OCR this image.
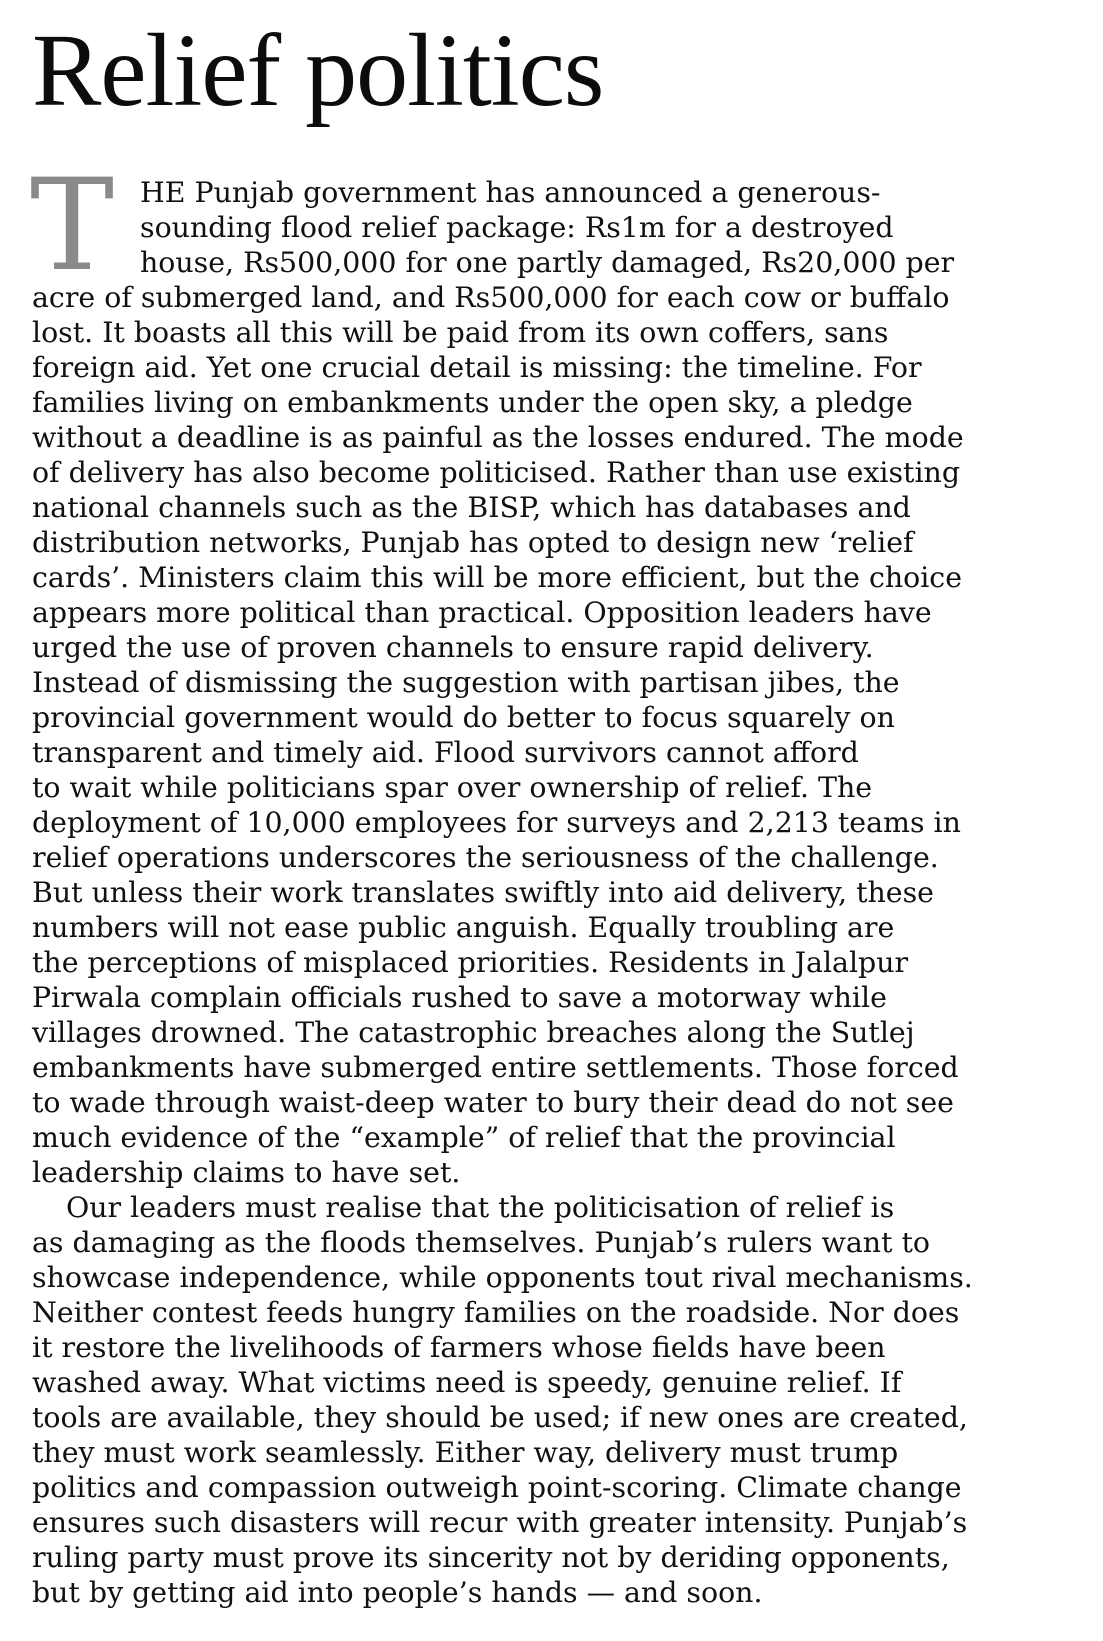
Relief politics
T HE Punjab government has announced a generous-
sounding flood relief package: Rs1m for a destroyed
house, Rs500,000 for one partly damaged, Rs20,000 per
acre of submerged land, and Rs500,000 for each cow or buffalo
lost. It boasts all this will be paid from its own coffers, sans
foreign aid. Yet one crucial detail is missing: the timeline. For
families living on embankments under the open sky, a pledge
without a deadline is as painful as the losses endured. The mode
of delivery has also become politicised. Rather than use existing
national channels such as the BISP, which has databases and
distribution networks, Punjab has opted to design new ‘relief
cards’. Ministers claim this will be more efficient, but the choice
appears more political than practical. Opposition leaders have
urged the use of proven channels to ensure rapid delivery.
Instead of dismissing the suggestion with partisan jibes, the
provincial government would do better to focus squarely on
transparent and timely aid. Flood survivors cannot afford
to wait while politicians spar over ownership of relief. The
deployment of 10,000 employees for surveys and 2,213 teams in
relief operations underscores the seriousness of the challenge.
But unless their work translates swiftly into aid delivery, these
numbers will not ease public anguish. Equally troubling are
the perceptions of misplaced priorities. Residents in Jalalpur
Pirwala complain officials rushed to save a motorway while
villages drowned. The catastrophic breaches along the Sutlej
embankments have submerged entire settlements. Those forced
to wade through waist-deep water to bury their dead do not see
much evidence of the “example” of relief that the provincial
leadership claims to have set.
Our leaders must realise that the politicisation of relief is
as damaging as the floods themselves. Punjab’s rulers want to
showcase independence, while opponents tout rival mechanisms.
Neither contest feeds hungry families on the roadside. Nor does
it restore the livelihoods of farmers whose fields have been
washed away. What victims need is speedy, genuine relief. If
tools are available, they should be used; if new ones are created,
they must work seamlessly. Either way, delivery must trump
politics and compassion outweigh point-scoring. Climate change
ensures such disasters will recur with greater intensity. Punjab’s
ruling party must prove its sincerity not by deriding opponents,
but by getting aid into people’s hands — and soon.
